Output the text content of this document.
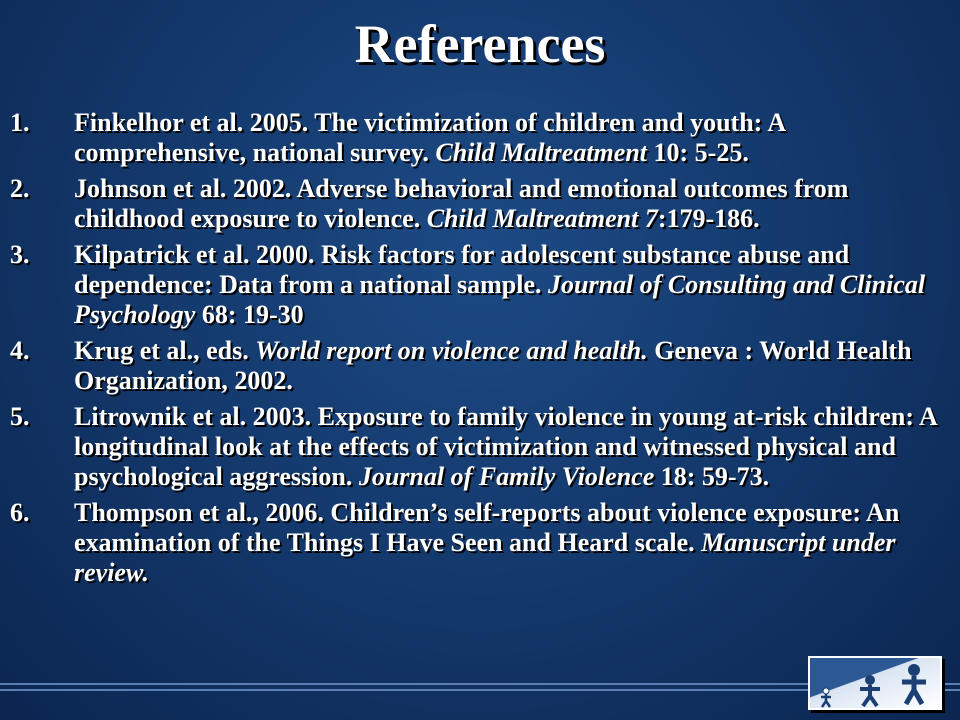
References
1. Finkelhor et al. 2005. The victimization of children and youth: A comprehensive, national survey. Child Maltreatment 10: 5-25.
2. Johnson et al. 2002. Adverse behavioral and emotional outcomes from childhood exposure to violence. Child Maltreatment 7:179-186.
3. Kilpatrick et al. 2000. Risk factors for adolescent substance abuse and dependence: Data from a national sample. Journal of Consulting and Clinical Psychology 68: 19-30
4. Krug et al., eds. World report on violence and health. Geneva : World Health Organization, 2002.
5. Litrownik et al. 2003. Exposure to family violence in young at-risk children: A longitudinal look at the effects of victimization and witnessed physical and psychological aggression. Journal of Family Violence 18: 59-73.
6. Thompson et al., 2006. Children’s self-reports about violence exposure: An examination of the Things I Have Seen and Heard scale. Manuscript under review.
